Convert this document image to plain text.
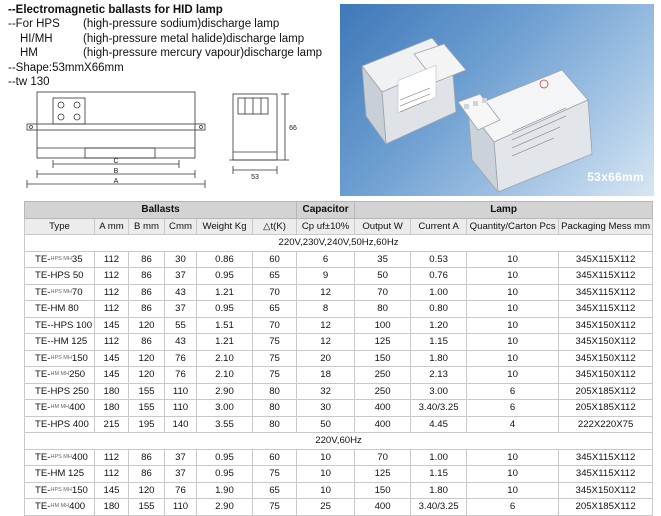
--Electromagnetic ballasts for HID lamp
--For HPS (high-pressure sodium)discharge lamp
HI/MH	(high-pressure metal halide)discharge lamp
HM	(high-pressure mercury vapour)discharge lamp
--Shape:53mmX66mm
--tw 130
C
B
A
66
53	53x66mm
Ballasts						Capacitor	Lamp			
Type	A mm	B mm	Cmm	Weight Kg	△t(K)	Cp uf±10%	Output W	Current A	Quantity/Carton Pcs	Packaging Mess mm
220V,230V,240V,50Hz,60Hz										
TE-$^{HPS MH}$35	112	86	30	0.86	60	6	35	0.53	10	345X115X112
TE-HPS 50	112	86	37	0.95	65	9	50	0.76	10	345X115X112
TE-$^{HPS MH}$70	112	86	43	1.21	70	12	70	1.00	10	345X115X112
TE-HM 80	112	86	37	0.95	65	8	80	0.80	10	345X115X112
TE--HPS 100	145	120	55	1.51	70	12	100	1.20	10	345X150X112
TE--HM 125	112	86	43	1.21	75	12	125	1.15	10	345X150X112
TE-$^{HPS MH}$150	145	120	76	2.10	75	20	150	1.80	10	345X150X112
TE-$^{HM MH}$250	145	120	76	2.10	75	18	250	2.13	10	345X150X112
TE-HPS 250	180	155	110	2.90	80	32	250	3.00	6	205X185X112
TE-$^{HM MH}$400	180	155	110	3.00	80	30	400	3.40/3.25	6	205X185X112
TE-HPS 400	215	195	140	3.55	80	50	400	4.45	4	222X220X75
220V,60Hz										
TE-$^{HPS MH}$400	112	86	37	0.95	60	10	70	1.00	10	345X115X112
TE-HM 125	112	86	37	0.95	75	10	125	1.15	10	345X115X112
TE-$^{HPS MH}$150	145	120	76	1.90	65	10	150	1.80	10	345X150X112
TE-$^{HM MH}$400	180	155	110	2.90	75	25	400	3.40/3.25	6	205X185X112
